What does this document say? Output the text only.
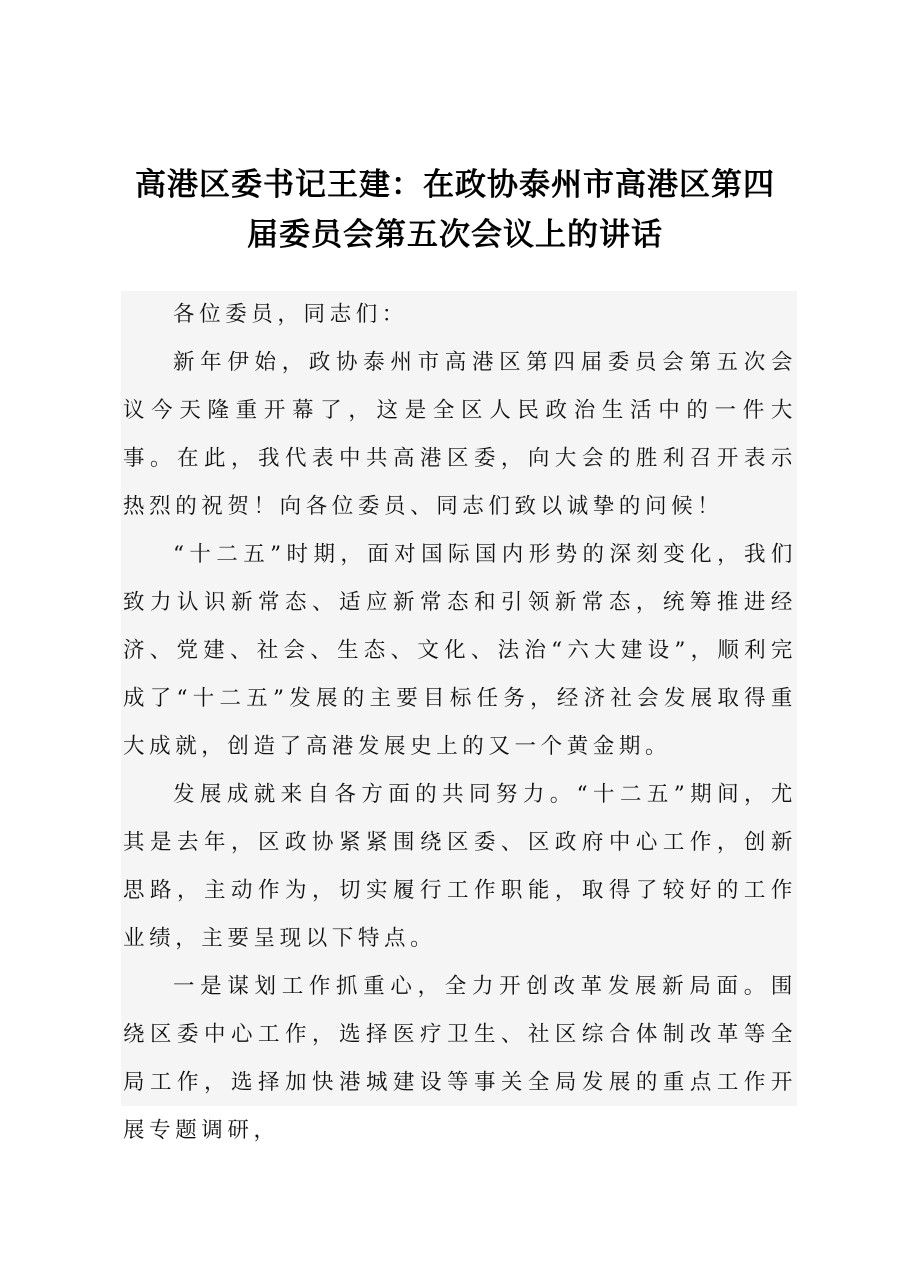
高港区委书记王建：在政协泰州市高港区第四
届委员会第五次会议上的讲话

各位委员，同志们：

新年伊始，政协泰州市高港区第四届委员会第五次会议今天隆重开幕了，这是全区人民政治生活中的一件大事。在此，我代表中共高港区委，向大会的胜利召开表示热烈的祝贺！向各位委员、同志们致以诚挚的问候！

“十二五”时期，面对国际国内形势的深刻变化，我们致力认识新常态、适应新常态和引领新常态，统筹推进经济、党建、社会、生态、文化、法治“六大建设”，顺利完成了“十二五”发展的主要目标任务，经济社会发展取得重大成就，创造了高港发展史上的又一个黄金期。

发展成就来自各方面的共同努力。“十二五”期间，尤其是去年，区政协紧紧围绕区委、区政府中心工作，创新思路，主动作为，切实履行工作职能，取得了较好的工作业绩，主要呈现以下特点。

一是谋划工作抓重心，全力开创改革发展新局面。围绕区委中心工作，选择医疗卫生、社区综合体制改革等全局工作，选择加快港城建设等事关全局发展的重点工作开展专题调研，
